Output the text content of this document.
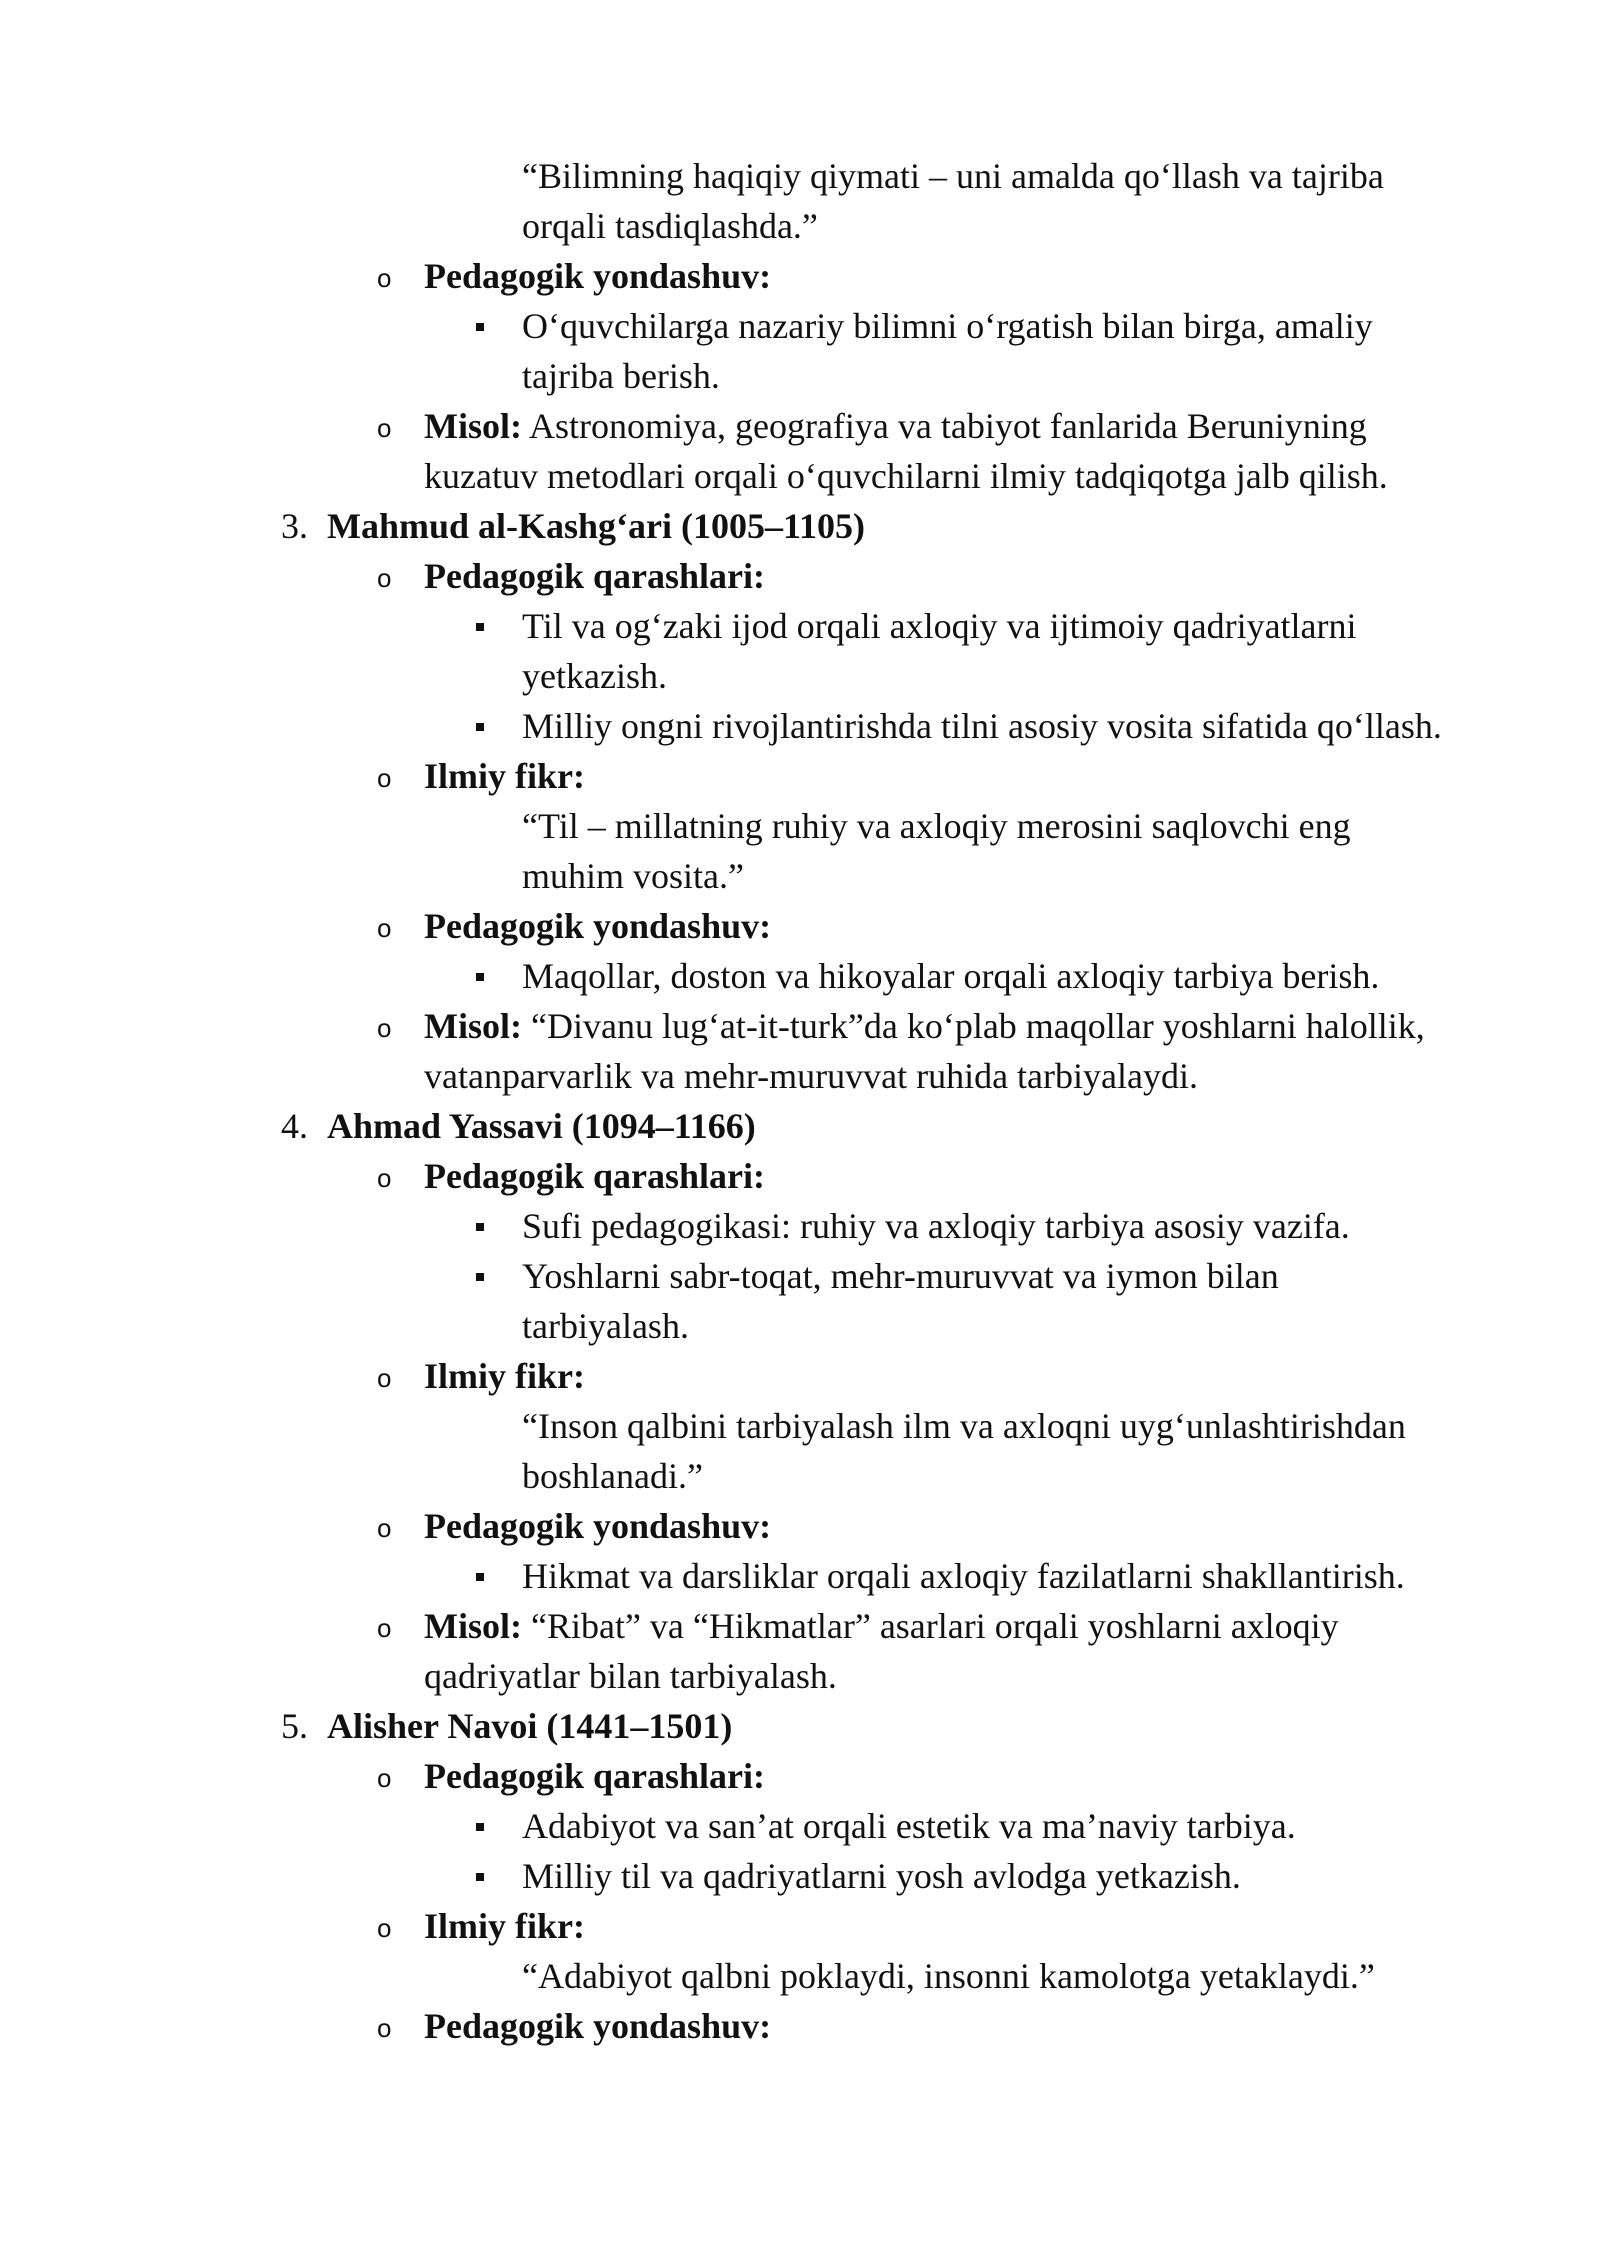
“Bilimning haqiqiy qiymati – uni amalda qo‘llash va tajriba
orqali tasdiqlashda.”
o Pedagogik yondashuv:
O‘quvchilarga nazariy bilimni o‘rgatish bilan birga, amaliy
tajriba berish.
o Misol: Astronomiya, geografiya va tabiyot fanlarida Beruniyning
kuzatuv metodlari orqali o‘quvchilarni ilmiy tadqiqotga jalb qilish.
3. Mahmud al-Kashg‘ari (1005–1105)
o Pedagogik qarashlari:
Til va og‘zaki ijod orqali axloqiy va ijtimoiy qadriyatlarni
yetkazish.
Milliy ongni rivojlantirishda tilni asosiy vosita sifatida qo‘llash.
o Ilmiy fikr:
“Til – millatning ruhiy va axloqiy merosini saqlovchi eng
muhim vosita.”
o Pedagogik yondashuv:
Maqollar, doston va hikoyalar orqali axloqiy tarbiya berish.
o Misol: “Divanu lug‘at-it-turk”da ko‘plab maqollar yoshlarni halollik,
vatanparvarlik va mehr-muruvvat ruhida tarbiyalaydi.
4. Ahmad Yassavi (1094–1166)
o Pedagogik qarashlari:
Sufi pedagogikasi: ruhiy va axloqiy tarbiya asosiy vazifa.
Yoshlarni sabr-toqat, mehr-muruvvat va iymon bilan
tarbiyalash.
o Ilmiy fikr:
“Inson qalbini tarbiyalash ilm va axloqni uyg‘unlashtirishdan
boshlanadi.”
o Pedagogik yondashuv:
Hikmat va darsliklar orqali axloqiy fazilatlarni shakllantirish.
o Misol: “Ribat” va “Hikmatlar” asarlari orqali yoshlarni axloqiy
qadriyatlar bilan tarbiyalash.
5. Alisher Navoi (1441–1501)
o Pedagogik qarashlari:
Adabiyot va san’at orqali estetik va ma’naviy tarbiya.
Milliy til va qadriyatlarni yosh avlodga yetkazish.
o Ilmiy fikr:
“Adabiyot qalbni poklaydi, insonni kamolotga yetaklaydi.”
o Pedagogik yondashuv:
